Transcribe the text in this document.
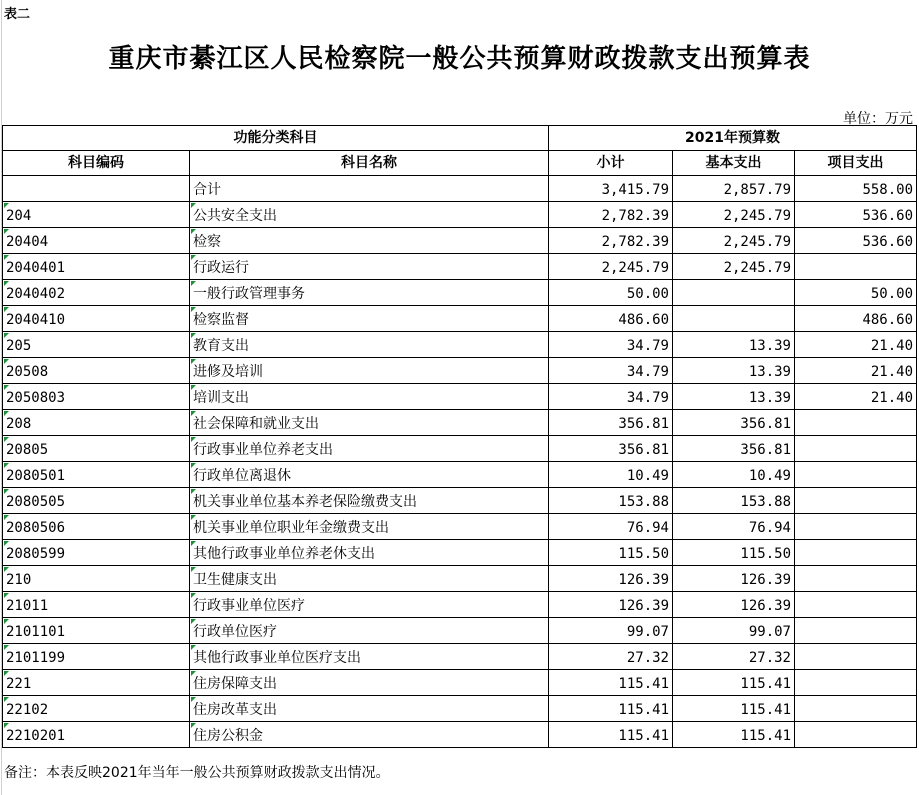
表二
重庆市綦江区人民检察院一般公共预算财政拨款支出预算表
单位：万元
功能分类科目		2021年预算数		
科目编码	科目名称	小计	基本支出	项目支出
	合计	3,415.79	2,857.79	558.00
204	公共安全支出	2,782.39	2,245.79	536.60
20404	检察	2,782.39	2,245.79	536.60
2040401	行政运行	2,245.79	2,245.79	
2040402	一般行政管理事务	50.00		50.00
2040410	检察监督	486.60		486.60
205	教育支出	34.79	13.39	21.40
20508	进修及培训	34.79	13.39	21.40
2050803	培训支出	34.79	13.39	21.40
208	社会保障和就业支出	356.81	356.81	
20805	行政事业单位养老支出	356.81	356.81	
2080501	行政单位离退休	10.49	10.49	
2080505	机关事业单位基本养老保险缴费支出	153.88	153.88	
2080506	机关事业单位职业年金缴费支出	76.94	76.94	
2080599	其他行政事业单位养老休支出	115.50	115.50	
210	卫生健康支出	126.39	126.39	
21011	行政事业单位医疗	126.39	126.39	
2101101	行政单位医疗	99.07	99.07	
2101199	其他行政事业单位医疗支出	27.32	27.32	
221	住房保障支出	115.41	115.41	
22102	住房改革支出	115.41	115.41	
2210201	住房公积金	115.41	115.41	
备注：本表反映2021年当年一般公共预算财政拨款支出情况。
